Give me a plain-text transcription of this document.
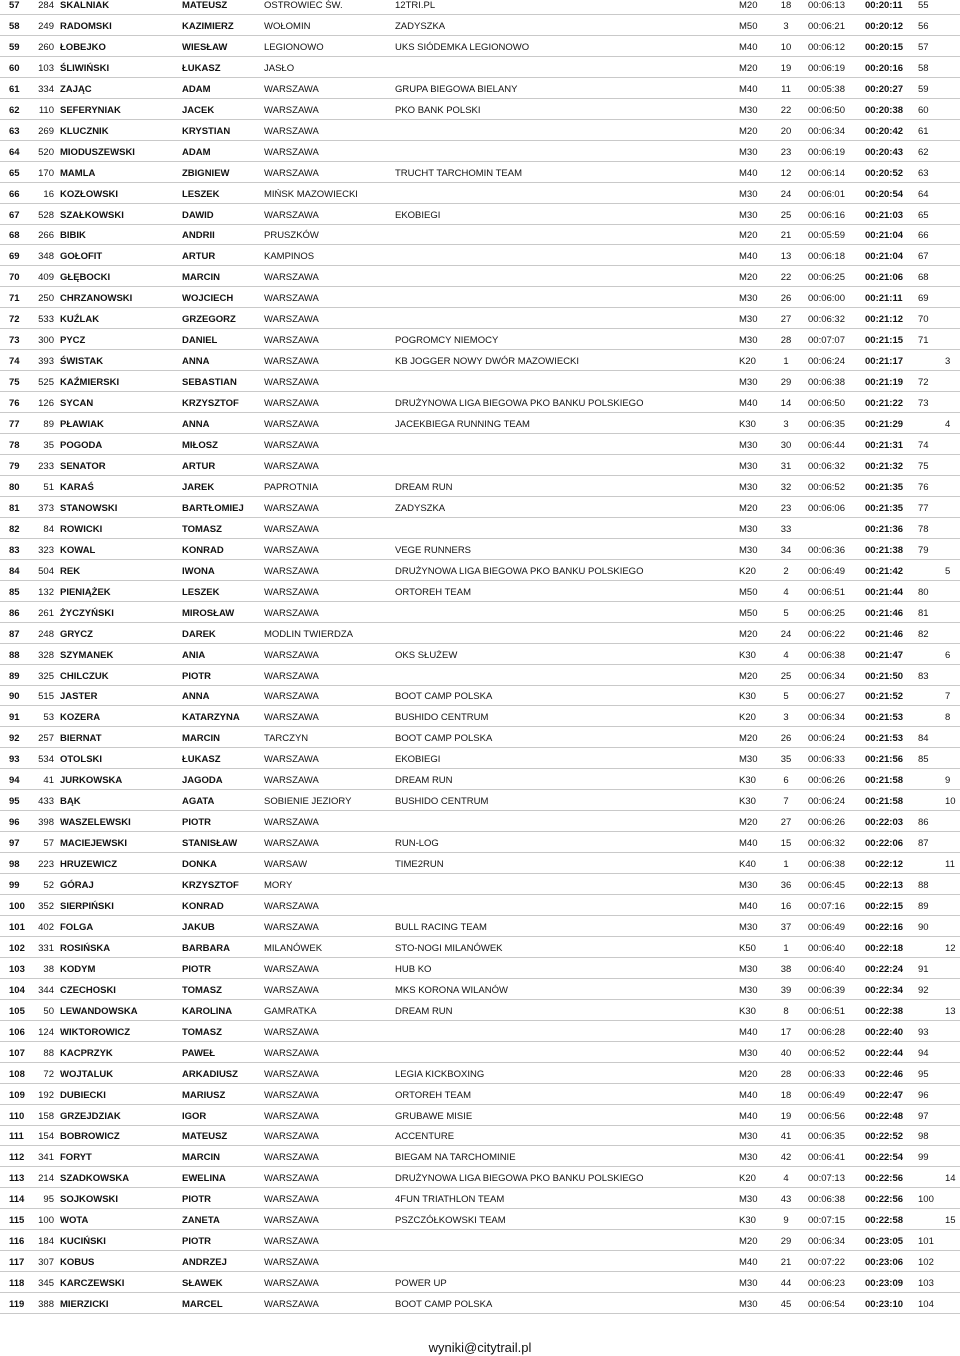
57 284 SKALNIAK	MATEUSZ	OSTROWIEC ŚW.	12TRI.PL	M20 18 00:06:13 00:20:11 55
58 249 RADOMSKI	KAZIMIERZ	WOŁOMIN	ZADYSZKA	M50	3	00:06:21 00:20:12 56
59 260 ŁOBEJKO	WIESŁAW	LEGIONOWO	UKS SIÓDEMKA LEGIONOWO	M40 10 00:06:12 00:20:15 57
60 103 ŚLIWIŃSKI	ŁUKASZ	JASŁO	M20 19 00:06:19 00:20:16 58
61 334 ZAJĄC	ADAM	WARSZAWA	GRUPA BIEGOWA BIELANY	M40	11	00:05:38 00:20:27 59
62 110 SEFERYNIAK	JACEK	WARSZAWA	PKO BANK POLSKI	M30 22 00:06:50 00:20:38 60
63 269 KLUCZNIK	KRYSTIAN	WARSZAWA	M20 20 00:06:34 00:20:42 61
64 520 MIODUSZEWSKI	ADAM	WARSZAWA	M30 23 00:06:19 00:20:43 62
65 170 MAMLA	ZBIGNIEW	WARSZAWA	TRUCHT TARCHOMIN TEAM	M40 12 00:06:14 00:20:52 63
66	16 KOZŁOWSKI	LESZEK	MIŃSK MAZOWIECKI	M30 24 00:06:01 00:20:54 64
67 528 SZAŁKOWSKI	DAWID	WARSZAWA	EKOBIEGI	M30 25 00:06:16 00:21:03 65
68 266 BIBIK	ANDRII	PRUSZKÓW	M20 21 00:05:59 00:21:04 66
69 348 GOŁOFIT	ARTUR	KAMPINOS	M40 13 00:06:18 00:21:04 67
70 409 GŁĘBOCKI	MARCIN	WARSZAWA	M20 22 00:06:25 00:21:06 68
71 250 CHRZANOWSKI	WOJCIECH	WARSZAWA	M30 26 00:06:00 00:21:11 69
72 533 KUŹLAK	GRZEGORZ	WARSZAWA	M30 27 00:06:32 00:21:12 70
73 300 PYCZ	DANIEL	WARSZAWA	POGROMCY NIEMOCY	M30 28 00:07:07 00:21:15 71
74 393 ŚWISTAK	ANNA	WARSZAWA	KB JOGGER NOWY DWÓR MAZOWIECKI	K20	1	00:06:24 00:21:17	3
75 525 KAŹMIERSKI	SEBASTIAN	WARSZAWA	M30 29 00:06:38 00:21:19 72
76 126 SYCAN	KRZYSZTOF	WARSZAWA	DRUŻYNOWA LIGA BIEGOWA PKO BANKU POLSKIEGO	M40 14 00:06:50 00:21:22 73
77	89 PŁAWIAK	ANNA	WARSZAWA	JACEKBIEGA RUNNING TEAM	K30	3	00:06:35 00:21:29	4
78	35 POGODA	MIŁOSZ	WARSZAWA	M30 30 00:06:44 00:21:31 74
79 233 SENATOR	ARTUR	WARSZAWA	M30 31 00:06:32 00:21:32 75
80	51 KARAŚ	JAREK	PAPROTNIA	DREAM RUN	M30 32 00:06:52 00:21:35 76
81 373 STANOWSKI	BARTŁOMIEJ WARSZAWA	ZADYSZKA	M20 23 00:06:06 00:21:35 77
82	84 ROWICKI	TOMASZ	WARSZAWA	M30 33	00:21:36 78
83 323 KOWAL	KONRAD	WARSZAWA	VEGE RUNNERS	M30 34 00:06:36 00:21:38 79
84 504 REK	IWONA	WARSZAWA	DRUŻYNOWA LIGA BIEGOWA PKO BANKU POLSKIEGO	K20	2	00:06:49 00:21:42	5
85 132 PIENIĄŻEK	LESZEK	WARSZAWA	ORTOREH TEAM	M50	4	00:06:51 00:21:44 80
86 261 ŻYCZYŃSKI	MIROSŁAW	WARSZAWA	M50	5	00:06:25 00:21:46 81
87 248 GRYCZ	DAREK	MODLIN TWIERDZA	M20 24 00:06:22 00:21:46 82
88 328 SZYMANEK	ANIA	WARSZAWA	OKS SŁUŻEW	K30	4	00:06:38 00:21:47	6
89 325 CHILCZUK	PIOTR	WARSZAWA	M20 25 00:06:34 00:21:50 83
90 515 JASTER	ANNA	WARSZAWA	BOOT CAMP POLSKA	K30	5	00:06:27 00:21:52	7
91	53 KOZERA	KATARZYNA	WARSZAWA	BUSHIDO CENTRUM	K20	3	00:06:34 00:21:53	8
92 257 BIERNAT	MARCIN	TARCZYN	BOOT CAMP POLSKA	M20 26 00:06:24 00:21:53 84
93 534 OTOLSKI	ŁUKASZ	WARSZAWA	EKOBIEGI	M30 35 00:06:33 00:21:56 85
94	41 JURKOWSKA	JAGODA	WARSZAWA	DREAM RUN	K30	6	00:06:26 00:21:58	9
95 433 BĄK	AGATA	SOBIENIE JEZIORY	BUSHIDO CENTRUM	K30	7	00:06:24 00:21:58	10
96 398 WASZELEWSKI	PIOTR	WARSZAWA	M20 27 00:06:26 00:22:03 86
97	57 MACIEJEWSKI	STANISŁAW	WARSZAWA	RUN-LOG	M40 15 00:06:32 00:22:06 87
98 223 HRUZEWICZ	DONKA	WARSAW	TIME2RUN	K40	1	00:06:38 00:22:12	11
99	52 GÓRAJ	KRZYSZTOF	MORY	M30 36 00:06:45 00:22:13 88
100 352 SIERPIŃSKI	KONRAD	WARSZAWA	M40 16 00:07:16 00:22:15 89
101 402 FOLGA	JAKUB	WARSZAWA	BULL RACING TEAM	M30 37 00:06:49 00:22:16 90
102 331 ROSIŃSKA	BARBARA	MILANÓWEK	STO-NOGI MILANÓWEK	K50	1	00:06:40 00:22:18	12
103	38 KODYM	PIOTR	WARSZAWA	HUB KO	M30 38 00:06:40 00:22:24 91
104 344 CZECHOSKI	TOMASZ	WARSZAWA	MKS KORONA WILANÓW	M30 39 00:06:39 00:22:34 92
105	50 LEWANDOWSKA	KAROLINA	GAMRATKA	DREAM RUN	K30	8	00:06:51 00:22:38	13
106 124 WIKTOROWICZ	TOMASZ	WARSZAWA	M40 17 00:06:28 00:22:40 93
107	88 KACPRZYK	PAWEŁ	WARSZAWA	M30 40 00:06:52 00:22:44 94
108	72 WOJTALUK	ARKADIUSZ	WARSZAWA	LEGIA KICKBOXING	M20 28 00:06:33 00:22:46 95
109 192 DUBIECKI	MARIUSZ	WARSZAWA	ORTOREH TEAM	M40 18 00:06:49 00:22:47 96
110 158 GRZEJDZIAK	IGOR	WARSZAWA	GRUBAWE MISIE	M40 19 00:06:56 00:22:48 97
111 154 BOBROWICZ	MATEUSZ	WARSZAWA	ACCENTURE	M30 41 00:06:35 00:22:52 98
112 341 FORYT	MARCIN	WARSZAWA	BIEGAM NA TARCHOMINIE	M30 42 00:06:41 00:22:54 99
113 214 SZADKOWSKA	EWELINA	WARSZAWA	DRUŻYNOWA LIGA BIEGOWA PKO BANKU POLSKIEGO	K20	4	00:07:13 00:22:56	14
114	95 SOJKOWSKI	PIOTR	WARSZAWA	4FUN TRIATHLON TEAM	M30 43 00:06:38 00:22:56 100
115 100 WOTA	ZANETA	WARSZAWA	PSZCZÓŁKOWSKI TEAM	K30	9	00:07:15 00:22:58	15
116 184 KUCIŃSKI	PIOTR	WARSZAWA	M20 29 00:06:34 00:23:05 101
117 307 KOBUS	ANDRZEJ	WARSZAWA	M40 21 00:07:22 00:23:06 102
118 345 KARCZEWSKI	SŁAWEK	WARSZAWA	POWER UP	M30 44 00:06:23 00:23:09 103
119 388 MIERZICKI	MARCEL	WARSZAWA	BOOT CAMP POLSKA	M30 45 00:06:54 00:23:10 104
wyniki@citytrail.pl
